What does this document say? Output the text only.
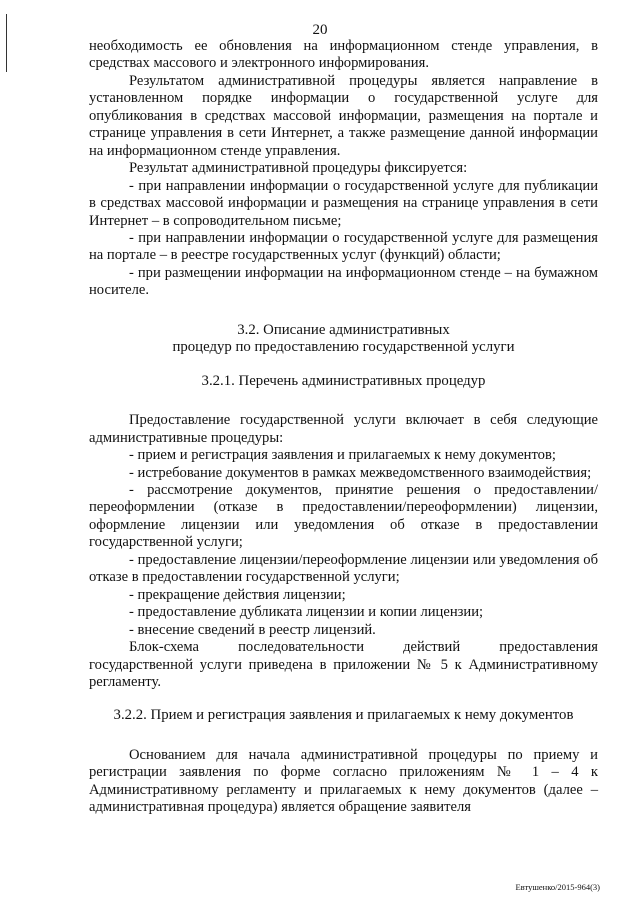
20

необходимость ее обновления на информационном стенде управления, в средствах массового и электронного информирования.

Результатом административной процедуры является направление в установленном порядке информации о государственной услуге для опубликования в средствах массовой информации, размещения на портале и странице управления в сети Интернет, а также размещение данной информации на информационном стенде управления.

Результат административной процедуры фиксируется:

- при направлении информации о государственной услуге для публикации в средствах массовой информации и размещения на странице управления в сети Интернет – в сопроводительном письме;

- при направлении информации о государственной услуге для размещения на портале – в реестре государственных услуг (функций) области;

- при размещении информации на информационном стенде – на бумажном носителе.

3.2. Описание административных

процедур по предоставлению государственной услуги

3.2.1. Перечень административных процедур

Предоставление государственной услуги включает в себя следующие административные процедуры:

- прием и регистрация заявления и прилагаемых к нему документов;

- истребование документов в рамках межведомственного взаимодействия;

- рассмотрение документов, принятие решения о предоставлении/ переоформлении (отказе в предоставлении/переоформлении) лицензии, оформление лицензии или уведомления об отказе в предоставлении государственной услуги;

- предоставление лицензии/переоформление лицензии или уведомления об отказе в предоставлении государственной услуги;

- прекращение действия лицензии;

- предоставление дубликата лицензии и копии лицензии;

- внесение сведений в реестр лицензий.

Блок-схема последовательности действий предоставления государственной услуги приведена в приложении № 5 к Административному регламенту.

3.2.2. Прием и регистрация заявления и прилагаемых к нему документов

Основанием для начала административной процедуры по приему и регистрации заявления по форме согласно приложениям № 1 – 4 к Административному регламенту и прилагаемых к нему документов (далее – административная процедура) является обращение заявителя

Евтушенко/2015-964(3)
